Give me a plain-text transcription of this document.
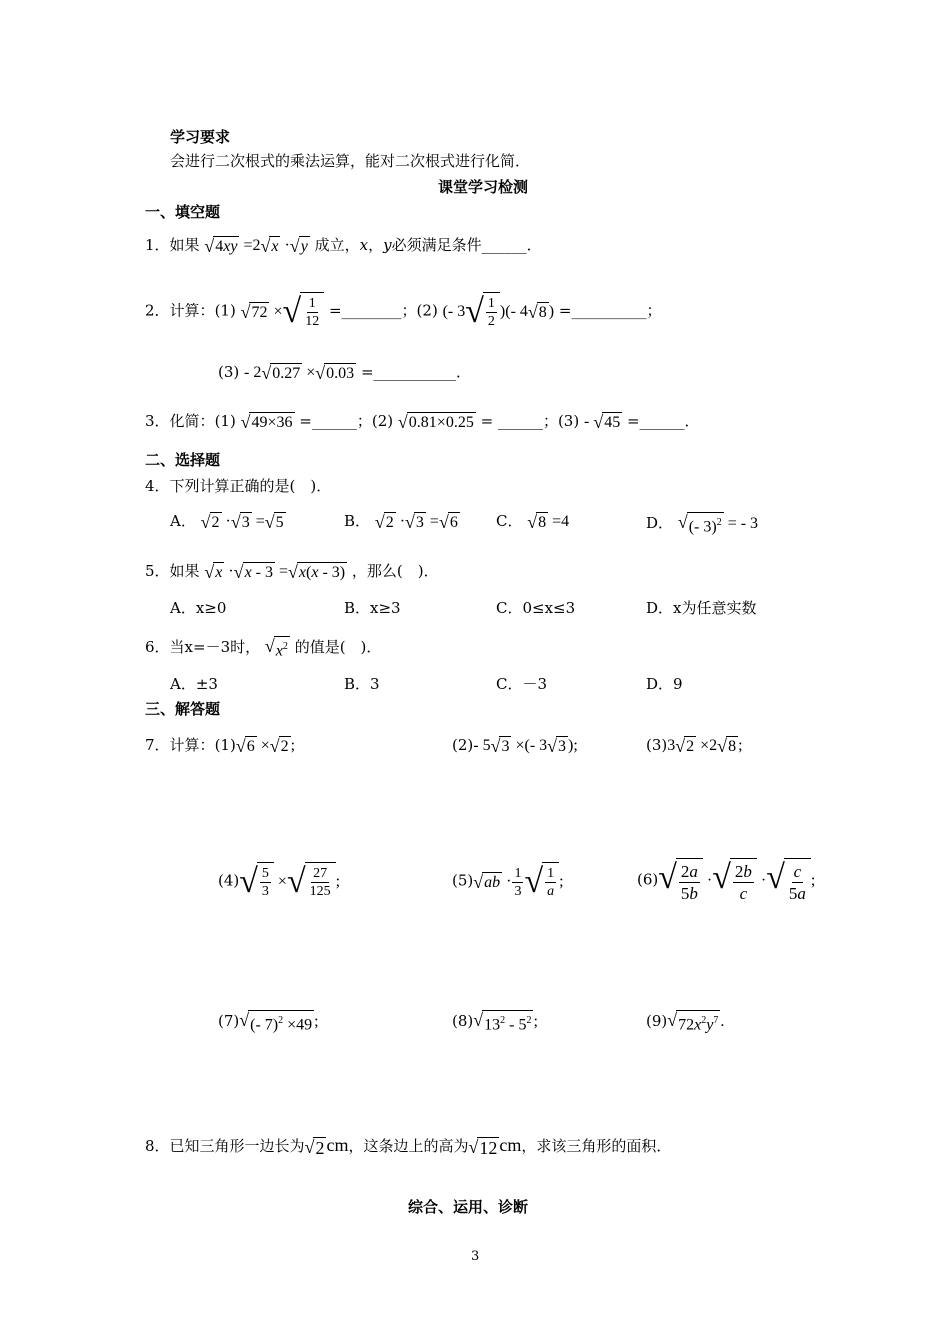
学习要求
会进行二次根式的乘法运算，能对二次根式进行化简．
课堂学习检测
一、填空题
1．如果 √ 4xy =2 √ x · √ y 成立，x，y必须满足条件______．
2．计算：(1) √ 72 × √ $\frac{1}{12}$ =________；(2) (- 3 √ $\frac{1}{2}$ )(- 4 √ 8 ) =__________；
(3) - 2 √ 0.27 × √ 0.03 =___________．
3．化简：(1) √ 49×36 =______；(2) √ 0.81×0.25 = ______；(3) - √ 45 =______．
二、选择题
4．下列计算正确的是(　)．
A． √ 2 · √ 3 = √ 5	B． √ 2 · √ 3 = √ 6	C． √ 8 =4	D． √ (- 3)$^2$ = - 3
5．如果 √ x · √ x - 3 = √ x(x - 3) ，那么(　)．
A．x≥0	B．x≥3	C．0≤x≤3	D．x为任意实数
6．当x=－3时， √ $x^2$ 的值是(　)．
A．±3	B．3	C．－3	D．9
三、解答题
7．计算：(1) √ 6 × √ 2 ;	(2)- 5 √ 3 ×(- 3 √ 3 );	(3)3 √ 2 ×2 √ 8 ;
(4) √ $\frac{5}{3}$ × √ $\frac{27}{125}$ ;	(5) √ ab · $\frac{1}{3}$ √ $\frac{1}{a}$ ;	(6) √ $\frac{2a}{5b}$ · √ $\frac{2b}{c}$ · √ $\frac{c}{5a}$ ;
(7) √ (- 7)$^2$ ×49 ;	(8) √ $13^2 - 5^2$ ;	(9) √ $72x^2y^7$ .
8．已知三角形一边长为 √ 2 cm，这条边上的高为 √ 12 cm，求该三角形的面积．
综合、运用、诊断
3
